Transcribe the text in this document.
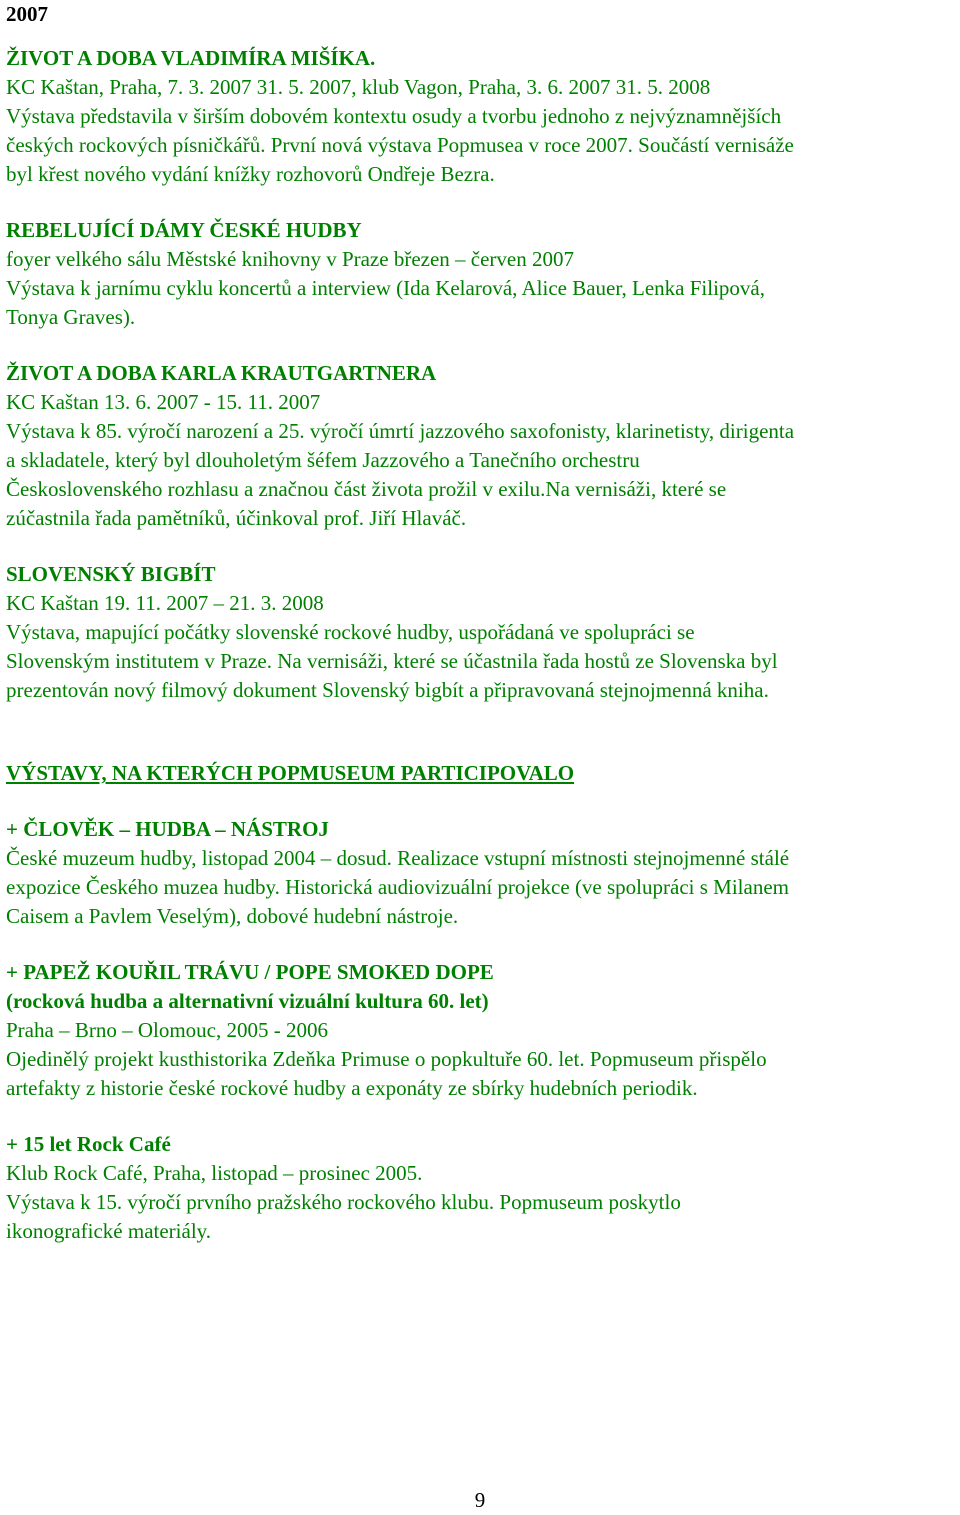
2007
ŽIVOT A DOBA VLADIMÍRA MIŠÍKA.
KC Kaštan, Praha, 7. 3. 2007 31. 5. 2007, klub Vagon, Praha, 3. 6. 2007 31. 5. 2008
Výstava představila v širším dobovém kontextu osudy a tvorbu jednoho z nejvýznamnějších
českých rockových písničkářů. První nová výstava Popmusea v roce 2007. Součástí vernisáže
byl křest nového vydání knížky rozhovorů Ondřeje Bezra.
REBELUJÍCÍ DÁMY ČESKÉ HUDBY
foyer velkého sálu Městské knihovny v Praze březen – červen 2007
Výstava k jarnímu cyklu koncertů a interview (Ida Kelarová, Alice Bauer, Lenka Filipová,
Tonya Graves).
ŽIVOT A DOBA KARLA KRAUTGARTNERA
KC Kaštan 13. 6. 2007 - 15. 11. 2007
Výstava k 85. výročí narození a 25. výročí úmrtí jazzového saxofonisty, klarinetisty, dirigenta
a skladatele, který byl dlouholetým šéfem Jazzového a Tanečního orchestru
Československého rozhlasu a značnou část života prožil v exilu.Na vernisáži, které se
zúčastnila řada pamětníků, účinkoval prof. Jiří Hlaváč.
SLOVENSKÝ BIGBÍT
KC Kaštan 19. 11. 2007 – 21. 3. 2008
Výstava, mapující počátky slovenské rockové hudby, uspořádaná ve spolupráci se
Slovenským institutem v Praze. Na vernisáži, které se účastnila řada hostů ze Slovenska byl
prezentován nový filmový dokument Slovenský bigbít a připravovaná stejnojmenná kniha.
VÝSTAVY, NA KTERÝCH POPMUSEUM PARTICIPOVALO
+ ČLOVĚK – HUDBA – NÁSTROJ
České muzeum hudby, listopad 2004 – dosud. Realizace vstupní místnosti stejnojmenné stálé
expozice Českého muzea hudby. Historická audiovizuální projekce (ve spolupráci s Milanem
Caisem a Pavlem Veselým), dobové hudební nástroje.
+ PAPEŽ KOUŘIL TRÁVU / POPE SMOKED DOPE
(rocková hudba a alternativní vizuální kultura 60. let)
Praha – Brno – Olomouc, 2005 - 2006
Ojedinělý projekt kusthistorika Zdeňka Primuse o popkultuře 60. let. Popmuseum přispělo
artefakty z historie české rockové hudby a exponáty ze sbírky hudebních periodik.
+ 15 let Rock Café
Klub Rock Café, Praha, listopad – prosinec 2005.
Výstava k 15. výročí prvního pražského rockového klubu. Popmuseum poskytlo
ikonografické materiály.
9
